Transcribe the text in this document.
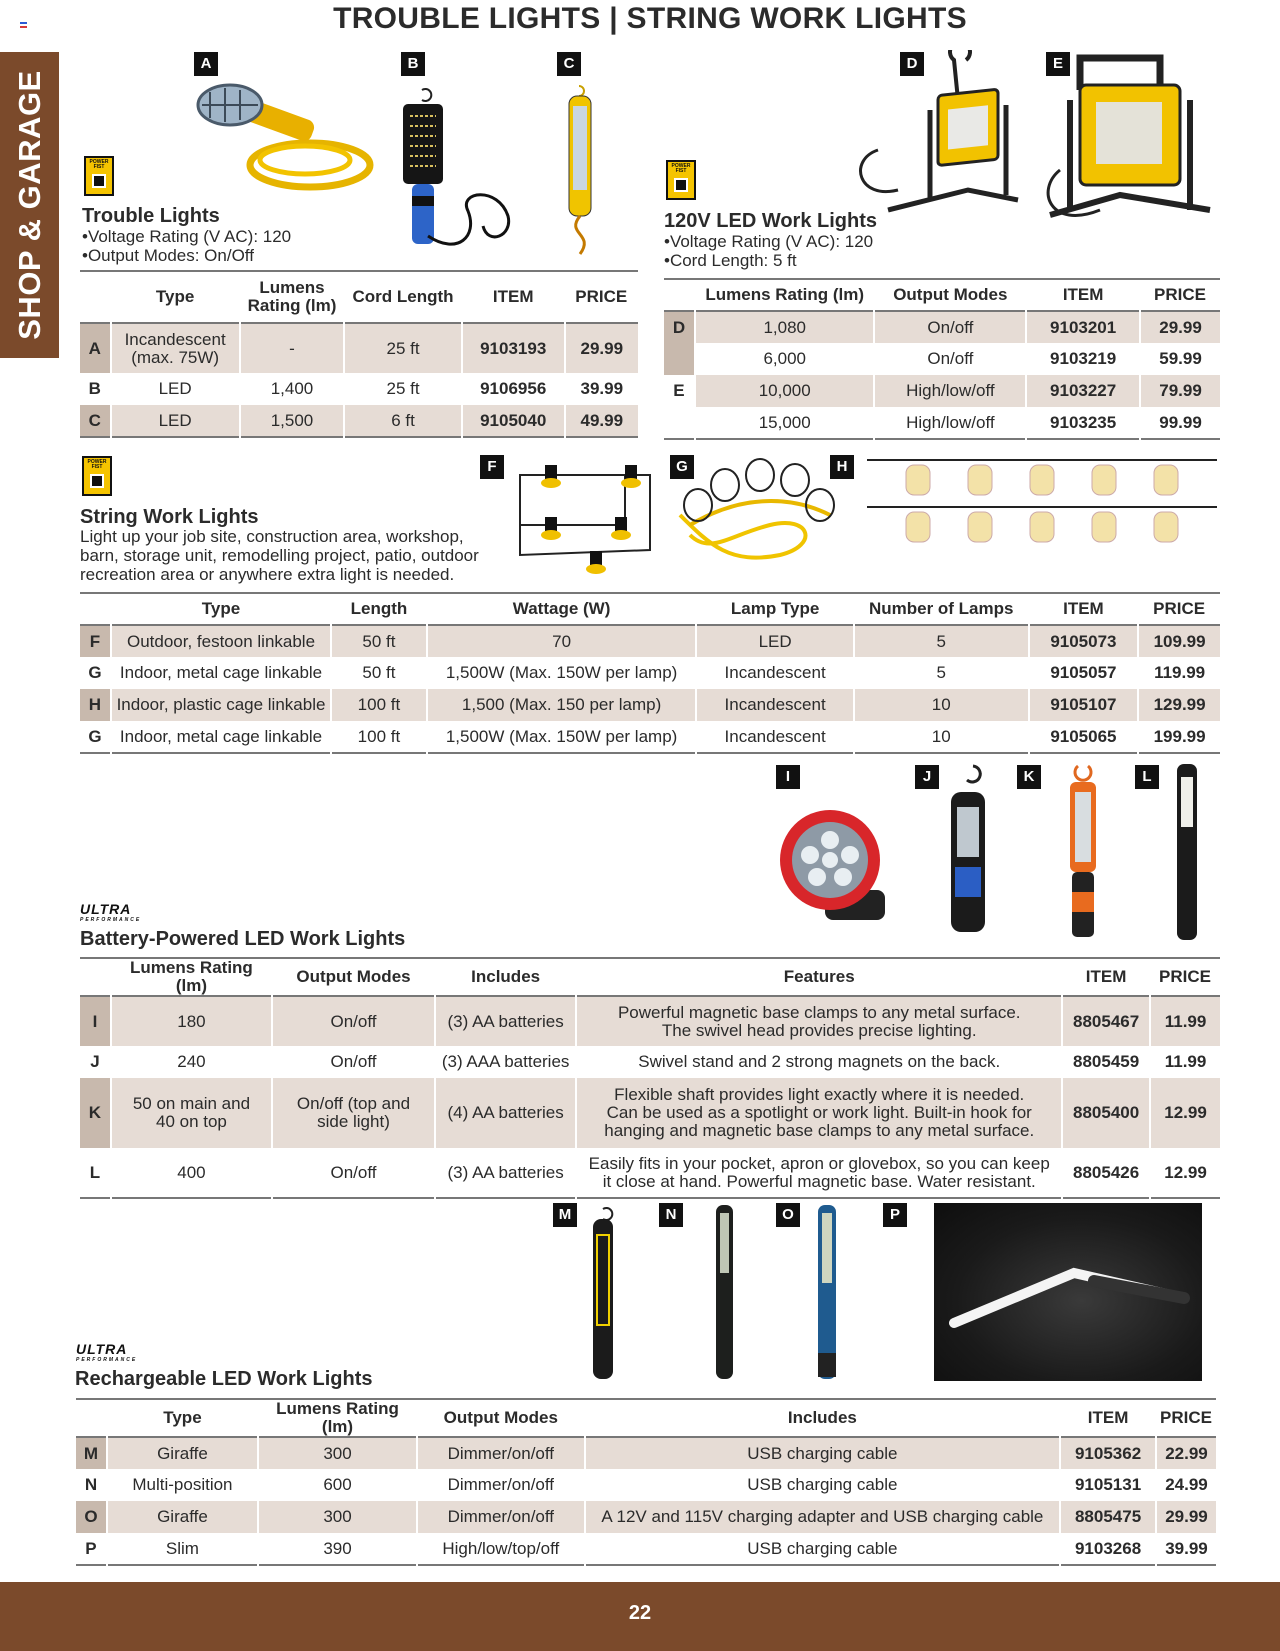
TROUBLE LIGHTS | STRING WORK LIGHTS
SHOP & GARAGE
A	B	C
POWER FIST
Trouble Lights
•Voltage Rating (V AC): 120
•Output Modes: On/Off
	Type	Lumens
Rating (lm)	Cord Length	ITEM	PRICE
A	Incandescent
(max. 75W)	-	25 ft	9103193	29.99
B	LED	1,400	25 ft	9106956	39.99
C	LED	1,500	6 ft	9105040	49.99
D	E
POWER FIST
120V LED Work Lights
•Voltage Rating (V AC): 120
•Cord Length: 5 ft
	Lumens Rating (lm)	Output Modes	ITEM	PRICE
D	1,080	On/off	9103201	29.99
	6,000	On/off	9103219	59.99
E	10,000	High/low/off	9103227	79.99
	15,000	High/low/off	9103235	99.99
POWER FIST
String Work Lights
Light up your job site, construction area, workshop,
barn, storage unit, remodelling project, patio, outdoor
recreation area or anywhere extra light is needed.
F	G	H
	Type	Length	Wattage (W)	Lamp Type	Number of Lamps	ITEM	PRICE
F	Outdoor, festoon linkable	50 ft	70	LED	5	9105073	109.99
G	Indoor, metal cage linkable	50 ft	1,500W (Max. 150W per lamp)	Incandescent	5	9105057	119.99
H	Indoor, plastic cage linkable	100 ft	1,500 (Max. 150 per lamp)	Incandescent	10	9105107	129.99
G	Indoor, metal cage linkable	100 ft	1,500W (Max. 150W per lamp)	Incandescent	10	9105065	199.99
I	J	K	L
ULTRA
PERFORMANCE
Battery-Powered LED Work Lights
	Lumens Rating (lm)	Output Modes	Includes	Features	ITEM	PRICE
I	180	On/off	(3) AA batteries	Powerful magnetic base clamps to any metal surface.
The swivel head provides precise lighting.	8805467	11.99
J	240	On/off	(3) AAA batteries	Swivel stand and 2 strong magnets on the back.	8805459	11.99
K	50 on main and
40 on top	On/off (top and
side light)	(4) AA batteries	Flexible shaft provides light exactly where it is needed.
Can be used as a spotlight or work light. Built-in hook for
hanging and magnetic base clamps to any metal surface.	8805400	12.99
L	400	On/off	(3) AA batteries	Easily fits in your pocket, apron or glovebox, so you can keep
it close at hand. Powerful magnetic base. Water resistant.	8805426	12.99
M	N	O	P
ULTRA
PERFORMANCE
Rechargeable LED Work Lights
	Type	Lumens Rating (lm)	Output Modes	Includes	ITEM	PRICE
M	Giraffe	300	Dimmer/on/off	USB charging cable	9105362	22.99
N	Multi-position	600	Dimmer/on/off	USB charging cable	9105131	24.99
O	Giraffe	300	Dimmer/on/off	A 12V and 115V charging adapter and USB charging cable	8805475	29.99
P	Slim	390	High/low/top/off	USB charging cable	9103268	39.99
22
